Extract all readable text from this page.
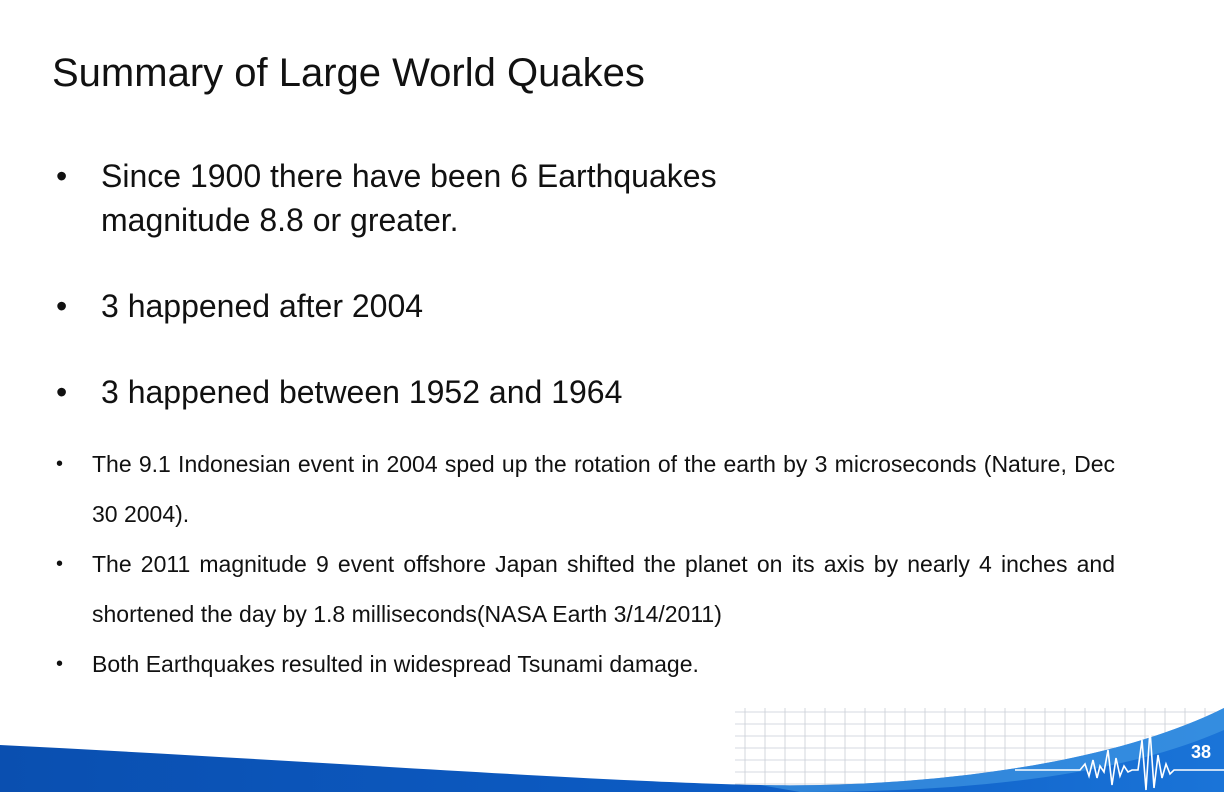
Summary of Large World Quakes
• Since 1900 there have been 6 Earthquakes magnitude 8.8 or greater.
• 3 happened after 2004
• 3 happened between 1952 and 1964
• The 9.1 Indonesian event in 2004 sped up the rotation of the earth by 3 microseconds (Nature, Dec 30 2004).
• The 2011 magnitude 9 event offshore Japan shifted the planet on its axis by nearly 4 inches and shortened the day by 1.8 milliseconds(NASA Earth 3/14/2011)
• Both Earthquakes resulted in widespread Tsunami damage.
38
